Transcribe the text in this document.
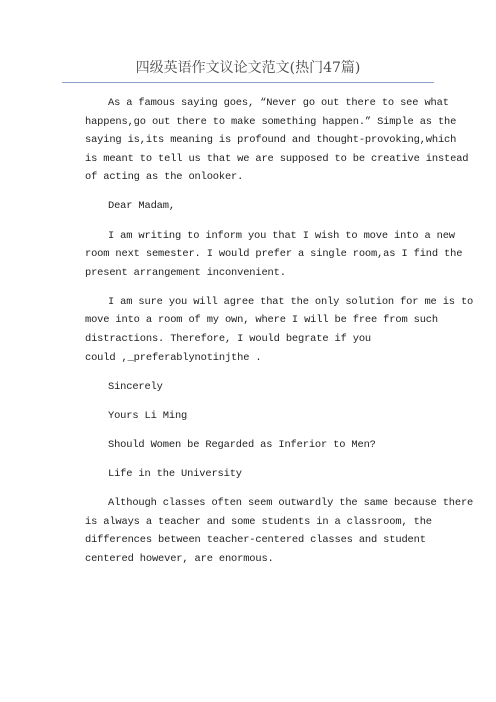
四级英语作文议论文范文(热门47篇)

As a famous saying goes, “Never go out there to see what
happens,go out there to make something happen.” Simple as the
saying is,its meaning is profound and thought-provoking,which
is meant to tell us that we are supposed to be creative instead
of acting as the onlooker.

Dear Madam,

I am writing to inform you that I wish to move into a new
room next semester. I would prefer a single room,as I find the
present arrangement inconvenient.

I am sure you will agree that the only solution for me is to
move into a room of my own, where I will be free from such
distractions. Therefore, I would begrate if you
could ,_preferablynotinjthe .

Sincerely

Yours Li Ming

Should Women be Regarded as Inferior to Men?

Life in the University

Although classes often seem outwardly the same because there
is always a teacher and some students in a classroom, the
differences between teacher-centered classes and student
centered however, are enormous.
